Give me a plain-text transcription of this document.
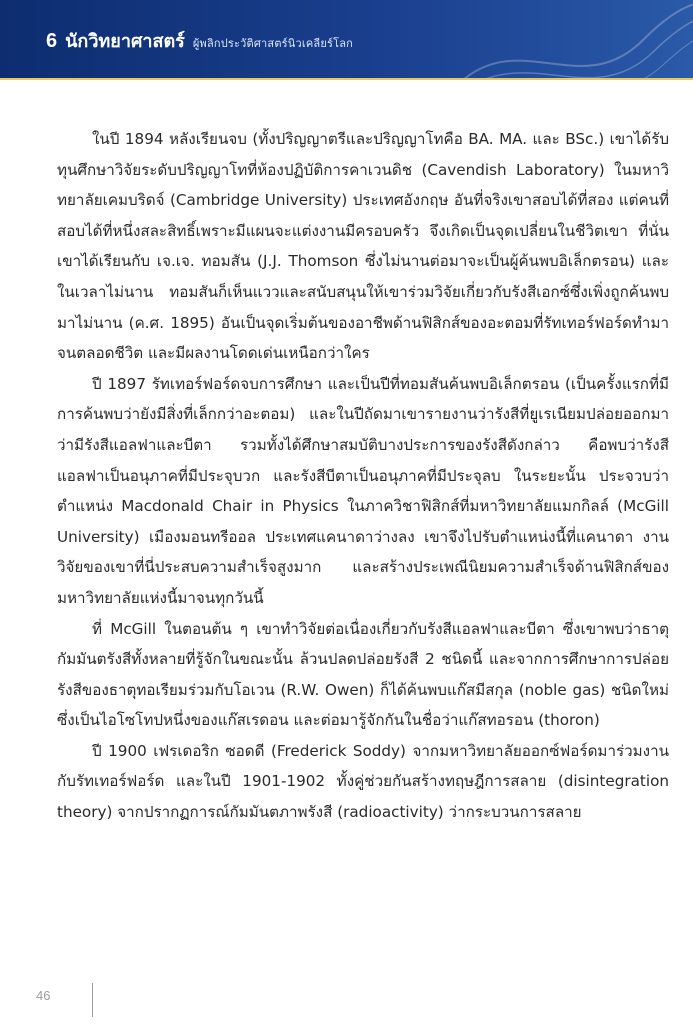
6 นักวิทยาศาสตร์ ผู้พลิกประวัติศาสตร์นิวเคลียร์โลก

ในปี 1894 หลังเรียนจบ (ทั้งปริญญาตรีและปริญญาโทคือ BA. MA. และ BSc.) เขาได้รับทุนศึกษาวิจัยระดับปริญญาโทที่ห้องปฏิบัติการคาเวนดิช (Cavendish Laboratory) ในมหาวิทยาลัยเคมบริดจ์ (Cambridge University) ประเทศอังกฤษ อันที่จริงเขาสอบได้ที่สอง แต่คนที่สอบได้ที่หนึ่งสละสิทธิ์เพราะมีแผนจะแต่งงานมีครอบครัว จึงเกิดเป็นจุดเปลี่ยนในชีวิตเขา ที่นั่นเขาได้เรียนกับ เจ.เจ. ทอมสัน (J.J. Thomson ซึ่งไม่นานต่อมาจะเป็นผู้ค้นพบอิเล็กตรอน) และในเวลาไม่นาน ทอมสันก็เห็นแววและสนับสนุนให้เขาร่วมวิจัยเกี่ยวกับรังสีเอกซ์ซึ่งเพิ่งถูกค้นพบมาไม่นาน (ค.ศ. 1895) อันเป็นจุดเริ่มต้นของอาชีพด้านฟิสิกส์ของอะตอมที่รัทเทอร์ฟอร์ดทำมาจนตลอดชีวิต และมีผลงานโดดเด่นเหนือกว่าใคร

ปี 1897 รัทเทอร์ฟอร์ดจบการศึกษา และเป็นปีที่ทอมสันค้นพบอิเล็กตรอน (เป็นครั้งแรกที่มีการค้นพบว่ายังมีสิ่งที่เล็กกว่าอะตอม) และในปีถัดมาเขารายงานว่ารังสีที่ยูเรเนียมปล่อยออกมาว่ามีรังสีแอลฟาและบีตา รวมทั้งได้ศึกษาสมบัติบางประการของรังสีดังกล่าว คือพบว่ารังสีแอลฟาเป็นอนุภาคที่มีประจุบวก และรังสีบีตาเป็นอนุภาคที่มีประจุลบ ในระยะนั้น ประจวบว่าตำแหน่ง Macdonald Chair in Physics ในภาควิชาฟิสิกส์ที่มหาวิทยาลัยแมกกิลล์ (McGill University) เมืองมอนทรีออล ประเทศแคนาดาว่างลง เขาจึงไปรับตำแหน่งนี้ที่แคนาดา งานวิจัยของเขาที่นี่ประสบความสำเร็จสูงมาก และสร้างประเพณีนิยมความสำเร็จด้านฟิสิกส์ของมหาวิทยาลัยแห่งนี้มาจนทุกวันนี้

ที่ McGill ในตอนต้น ๆ เขาทำวิจัยต่อเนื่องเกี่ยวกับรังสีแอลฟาและบีตา ซึ่งเขาพบว่าธาตุกัมมันตรังสีทั้งหลายที่รู้จักในขณะนั้น ล้วนปลดปล่อยรังสี 2 ชนิดนี้ และจากการศึกษาการปล่อยรังสีของธาตุทอเรียมร่วมกับโอเวน (R.W. Owen) ก็ได้ค้นพบแก๊สมีสกุล (noble gas) ชนิดใหม่ซึ่งเป็นไอโซโทปหนึ่งของแก๊สเรดอน และต่อมารู้จักกันในชื่อว่าแก๊สทอรอน (thoron)

ปี 1900 เฟรเดอริก ซอดดี (Frederick Soddy) จากมหาวิทยาลัยออกซ์ฟอร์ดมาร่วมงานกับรัทเทอร์ฟอร์ด และในปี 1901-1902 ทั้งคู่ช่วยกันสร้างทฤษฎีการสลาย (disintegration theory) จากปรากฏการณ์กัมมันตภาพรังสี (radioactivity) ว่ากระบวนการสลาย

46
